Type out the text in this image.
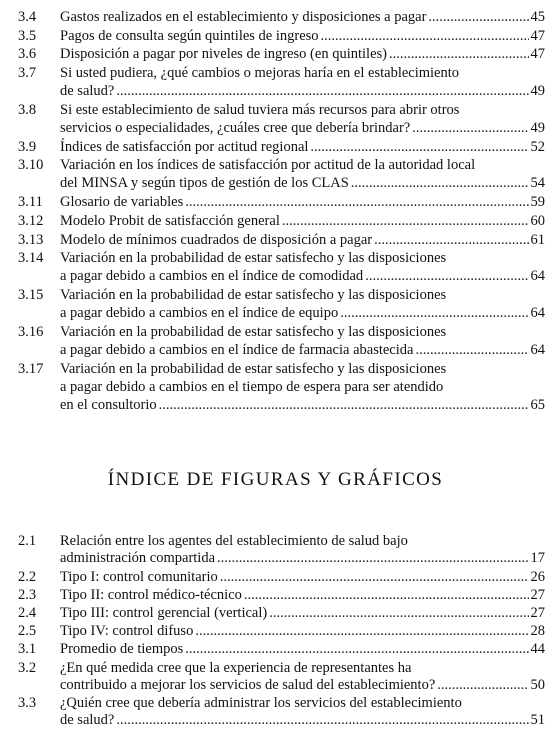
3.4 Gastos realizados en el establecimiento y disposiciones a pagar .....	45
3.5 Pagos de consulta según quintiles de ingreso .....	47
3.6 Disposición a pagar por niveles de ingreso (en quintiles) .....	47
3.7 Si usted pudiera, ¿qué cambios o mejoras haría en el establecimiento
de salud? .....	49
3.8 Si este establecimiento de salud tuviera más recursos para abrir otros
servicios o especialidades, ¿cuáles cree que debería brindar? .....	49
3.9 Índices de satisfacción por actitud regional .....	52
3.10 Variación en los índices de satisfacción por actitud de la autoridad local
del MINSA y según tipos de gestión de los CLAS .....	54
3.11 Glosario de variables .....	59
3.12 Modelo Probit de satisfacción general .....	60
3.13 Modelo de mínimos cuadrados de disposición a pagar .....	61
3.14 Variación en la probabilidad de estar satisfecho y las disposiciones
a pagar debido a cambios en el índice de comodidad .....	64
3.15 Variación en la probabilidad de estar satisfecho y las disposiciones
a pagar debido a cambios en el índice de equipo .....	64
3.16 Variación en la probabilidad de estar satisfecho y las disposiciones
a pagar debido a cambios en el índice de farmacia abastecida .....	64
3.17 Variación en la probabilidad de estar satisfecho y las disposiciones
a pagar debido a cambios en el tiempo de espera para ser atendido
en el consultorio .....	65
ÍNDICE DE FIGURAS Y GRÁFICOS
2.1 Relación entre los agentes del establecimiento de salud bajo
administración compartida .....	17
2.2 Tipo I: control comunitario .....	26
2.3 Tipo II: control médico-técnico .....	27
2.4 Tipo III: control gerencial (vertical) .....	27
2.5 Tipo IV: control difuso .....	28
3.1 Promedio de tiempos .....	44
3.2 ¿En qué medida cree que la experiencia de representantes ha
contribuido a mejorar los servicios de salud del establecimiento? .....	50
3.3 ¿Quién cree que debería administrar los servicios del establecimiento
de salud? .....	51
